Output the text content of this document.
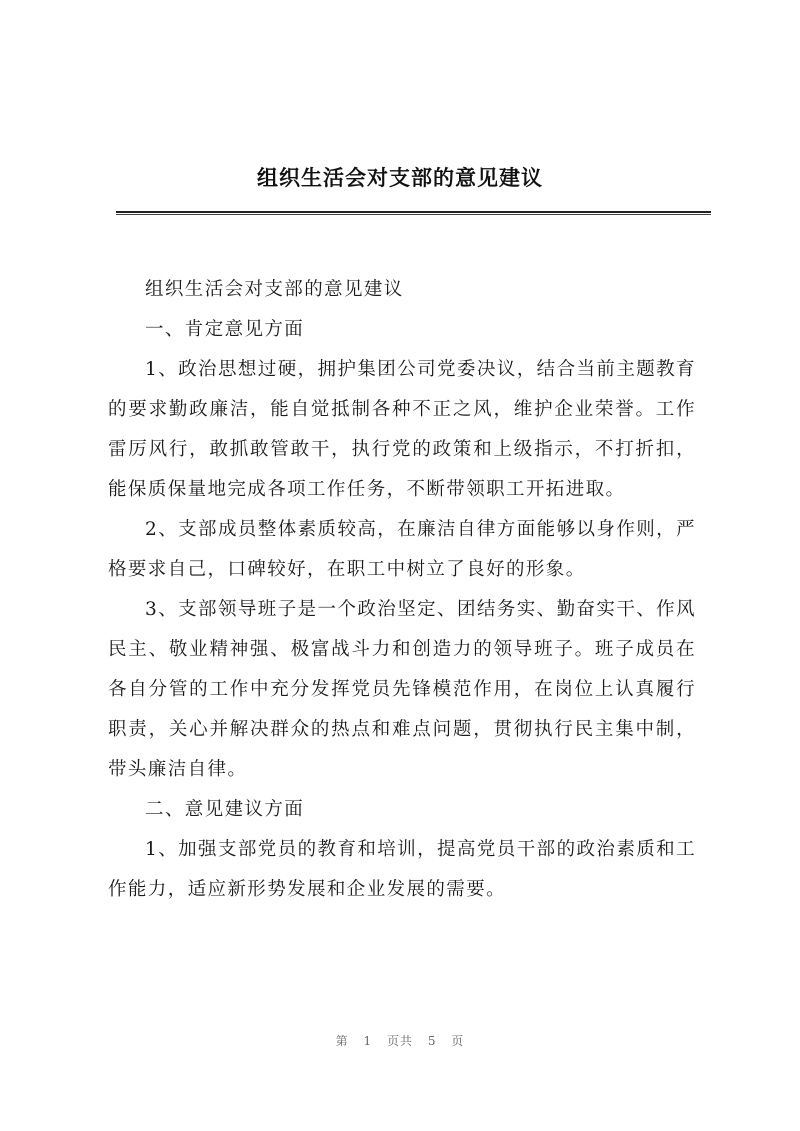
组织生活会对支部的意见建议

组织生活会对支部的意见建议

一、肯定意见方面

1、政治思想过硬，拥护集团公司党委决议，结合当前主题教育的要求勤政廉洁，能自觉抵制各种不正之风，维护企业荣誉。工作雷厉风行，敢抓敢管敢干，执行党的政策和上级指示，不打折扣，能保质保量地完成各项工作任务，不断带领职工开拓进取。

2、支部成员整体素质较高，在廉洁自律方面能够以身作则，严格要求自己，口碑较好，在职工中树立了良好的形象。

3、支部领导班子是一个政治坚定、团结务实、勤奋实干、作风民主、敬业精神强、极富战斗力和创造力的领导班子。班子成员在各自分管的工作中充分发挥党员先锋模范作用，在岗位上认真履行职责，关心并解决群众的热点和难点问题，贯彻执行民主集中制，带头廉洁自律。

二、意见建议方面

1、加强支部党员的教育和培训，提高党员干部的政治素质和工作能力，适应新形势发展和企业发展的需要。

第 1 页共 5 页
